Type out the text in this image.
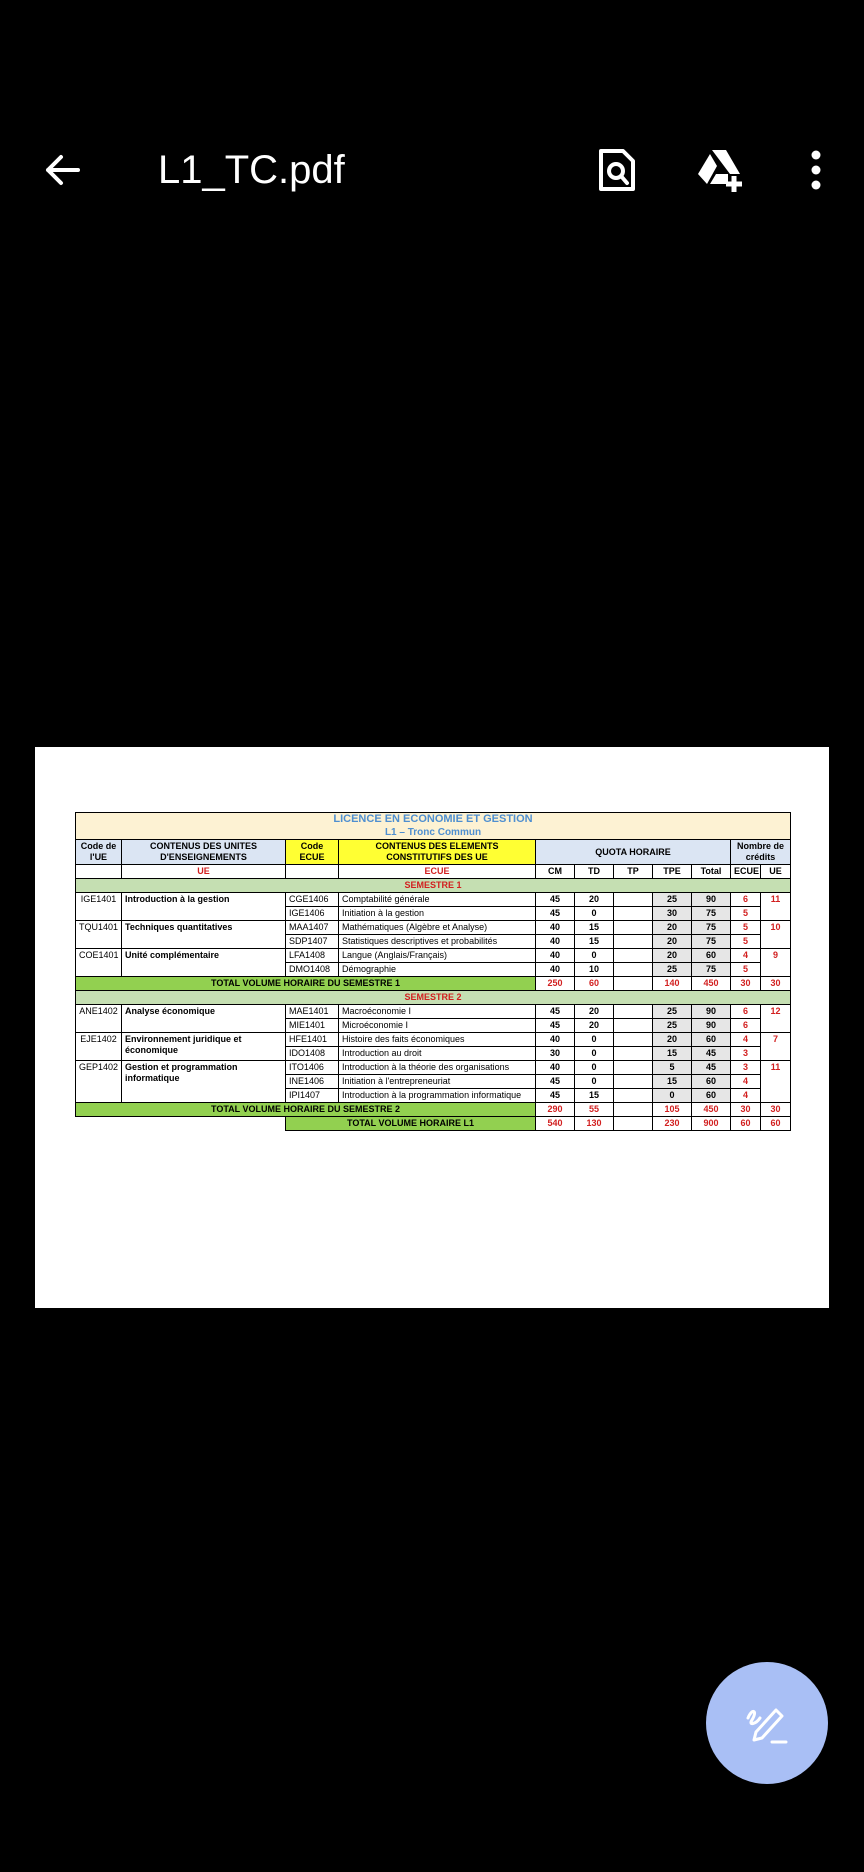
L1_TC.pdf
LICENCE EN ECONOMIE ET GESTION										
L1 – Tronc Commun										
Code de l'UE	CONTENUS DES UNITES D'ENSEIGNEMENTS	Code ECUE	CONTENUS DES ELEMENTS CONSTITUTIFS DES UE	QUOTA HORAIRE					Nombre de crédits	
	UE		ECUE	CM	TD	TP	TPE	Total	ECUE	UE
SEMESTRE 1										
IGE1401	Introduction à la gestion	CGE1406	Comptabilité générale	45	20		25	90	6	11
		IGE1406	Initiation à la gestion	45	0		30	75	5	
TQU1401	Techniques quantitatives	MAA1407	Mathématiques (Algèbre et Analyse)	40	15		20	75	5	10
		SDP1407	Statistiques descriptives et probabilités	40	15		20	75	5	
COE1401	Unité complémentaire	LFA1408	Langue (Anglais/Français)	40	0		20	60	4	9
		DMO1408	Démographie	40	10		25	75	5	
TOTAL VOLUME HORAIRE DU SEMESTRE 1				250	60		140	450	30	30
SEMESTRE 2										
ANE1402	Analyse économique	MAE1401	Macroéconomie I	45	20		25	90	6	12
		MIE1401	Microéconomie I	45	20		25	90	6	
EJE1402	Environnement juridique et économique	HFE1401	Histoire des faits économiques	40	0		20	60	4	7
		IDO1408	Introduction au droit	30	0		15	45	3	
GEP1402	Gestion et programmation informatique	ITO1406	Introduction à la théorie des organisations	40	0		5	45	3	11
		INE1406	Initiation à l'entrepreneuriat	45	0		15	60	4	
		IPI1407	Introduction à la programmation informatique	45	15		0	60	4	
TOTAL VOLUME HORAIRE DU SEMESTRE 2				290	55		105	450	30	30
		TOTAL VOLUME HORAIRE L1		540	130		230	900	60	60
